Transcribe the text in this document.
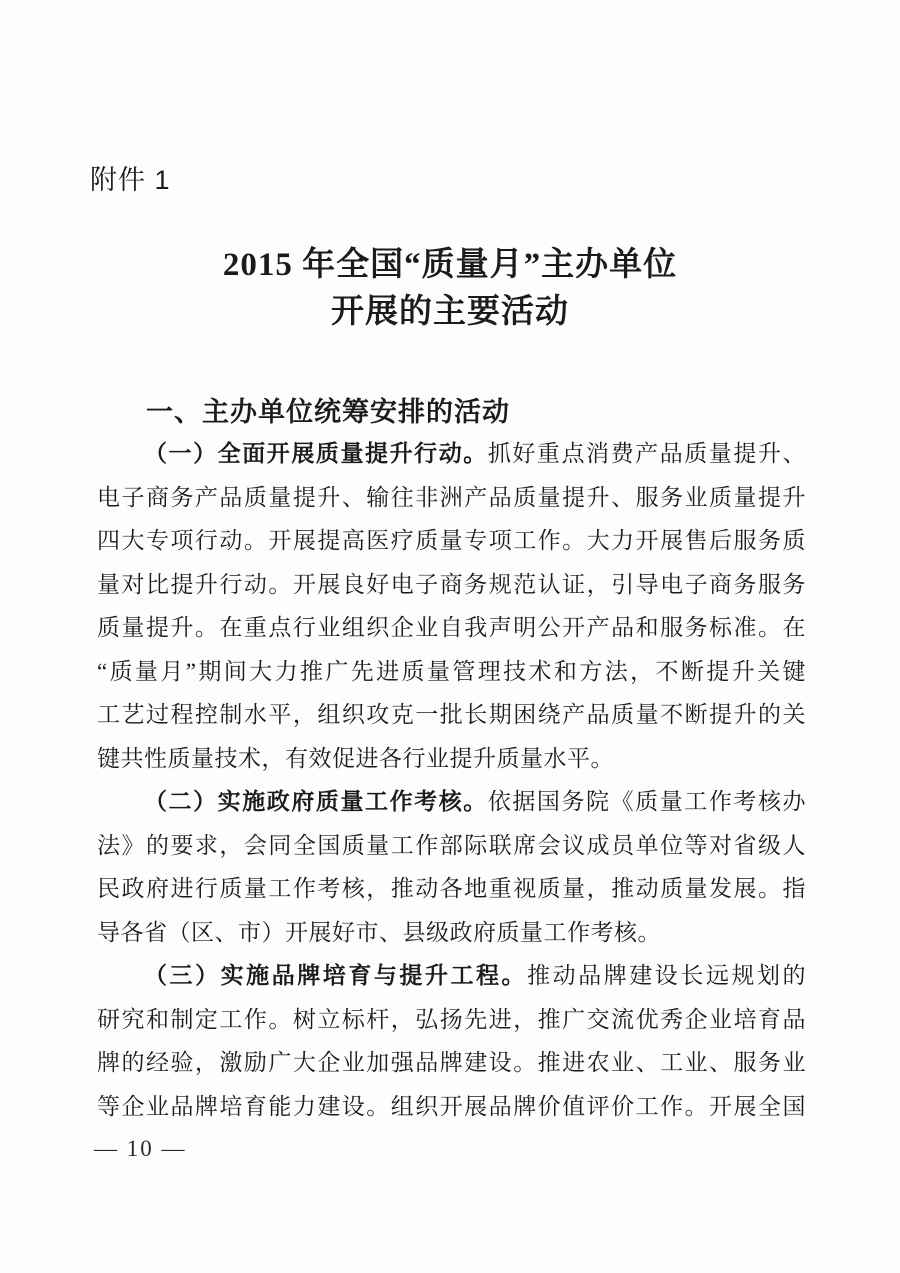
附件 1
2015 年全国“质量月”主办单位
开展的主要活动
一、主办单位统筹安排的活动
（一）全面开展质量提升行动。抓好重点消费产品质量提升、
电子商务产品质量提升、输往非洲产品质量提升、服务业质量提升
四大专项行动。开展提高医疗质量专项工作。大力开展售后服务质
量对比提升行动。开展良好电子商务规范认证，引导电子商务服务
质量提升。在重点行业组织企业自我声明公开产品和服务标准。在
“质量月”期间大力推广先进质量管理技术和方法，不断提升关键
工艺过程控制水平，组织攻克一批长期困绕产品质量不断提升的关
键共性质量技术，有效促进各行业提升质量水平。
（二）实施政府质量工作考核。依据国务院《质量工作考核办
法》的要求，会同全国质量工作部际联席会议成员单位等对省级人
民政府进行质量工作考核，推动各地重视质量，推动质量发展。指
导各省（区、市）开展好市、县级政府质量工作考核。
（三）实施品牌培育与提升工程。推动品牌建设长远规划的
研究和制定工作。树立标杆，弘扬先进，推广交流优秀企业培育品
牌的经验，激励广大企业加强品牌建设。推进农业、工业、服务业
等企业品牌培育能力建设。组织开展品牌价值评价工作。开展全国
— 10 —
